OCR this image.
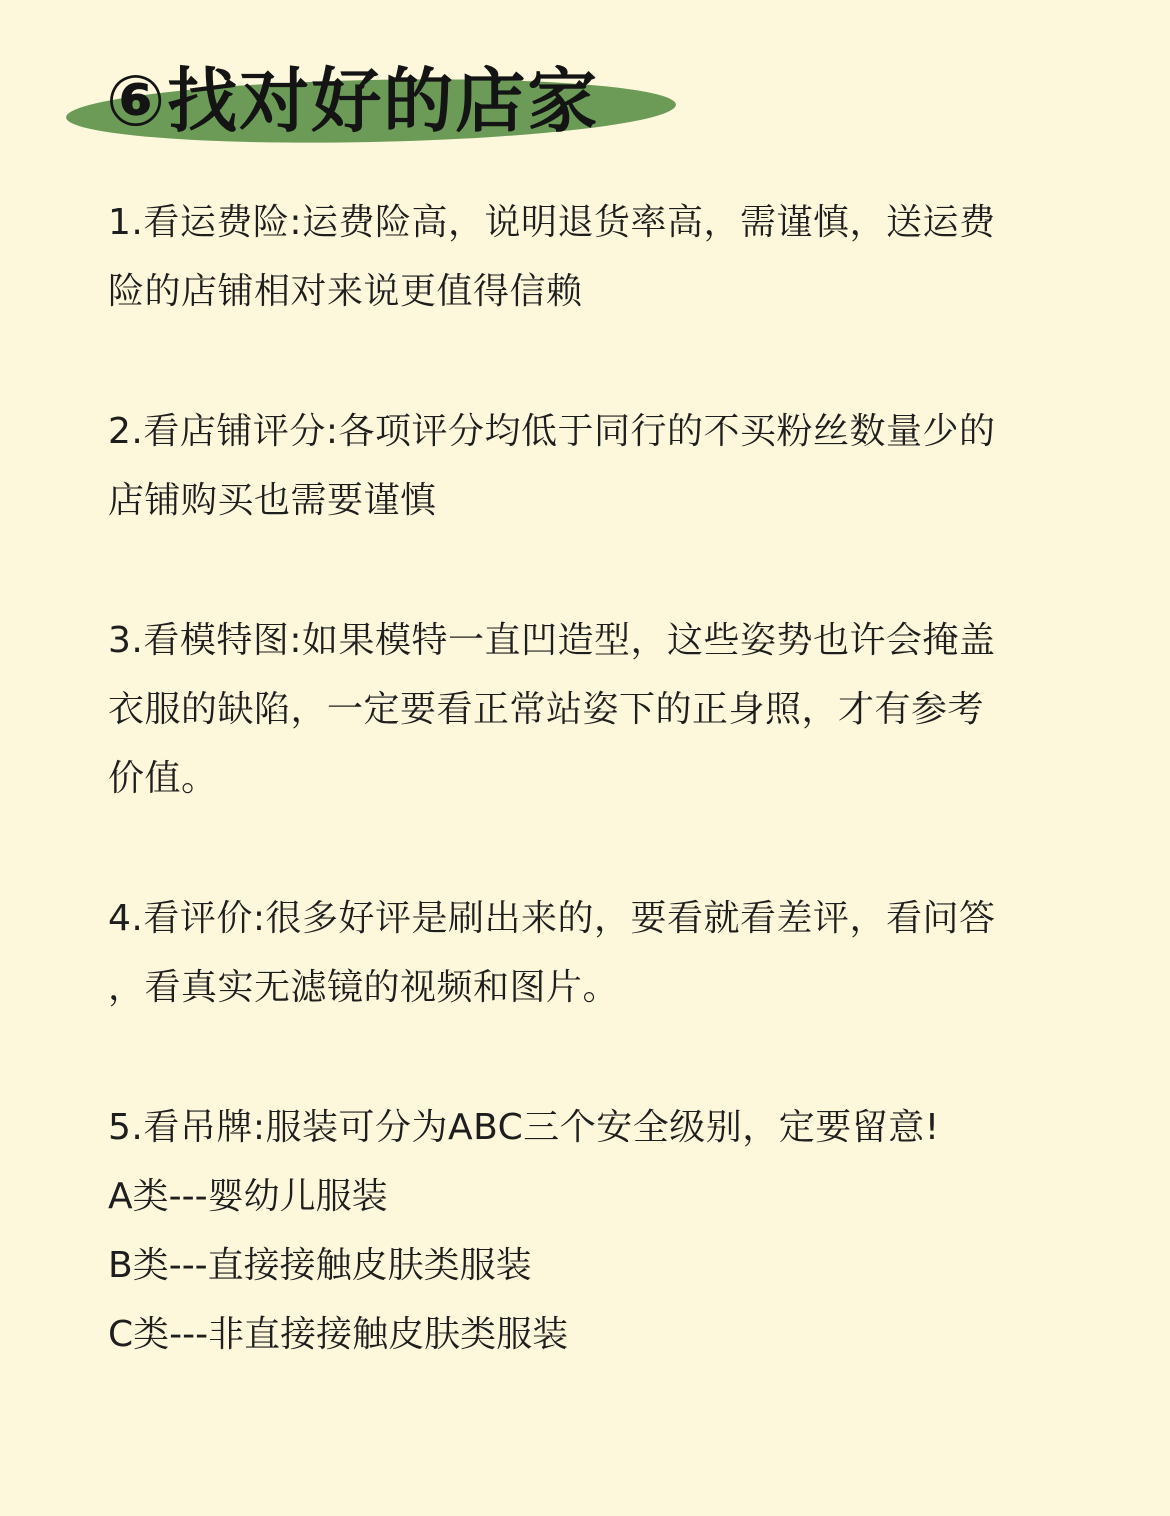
⑥找对好的店家

1.看运费险:运费险高，说明退货率高，需谨慎，送运费

险的店铺相对来说更值得信赖

2.看店铺评分:各项评分均低于同行的不买粉丝数量少的

店铺购买也需要谨慎

3.看模特图:如果模特一直凹造型，这些姿势也许会掩盖

衣服的缺陷，一定要看正常站姿下的正身照，才有参考

价值。

4.看评价:很多好评是刷出来的，要看就看差评，看问答

，看真实无滤镜的视频和图片。

5.看吊牌:服装可分为ABC三个安全级别，定要留意!

A类---婴幼儿服装

B类---直接接触皮肤类服装

C类---非直接接触皮肤类服装
